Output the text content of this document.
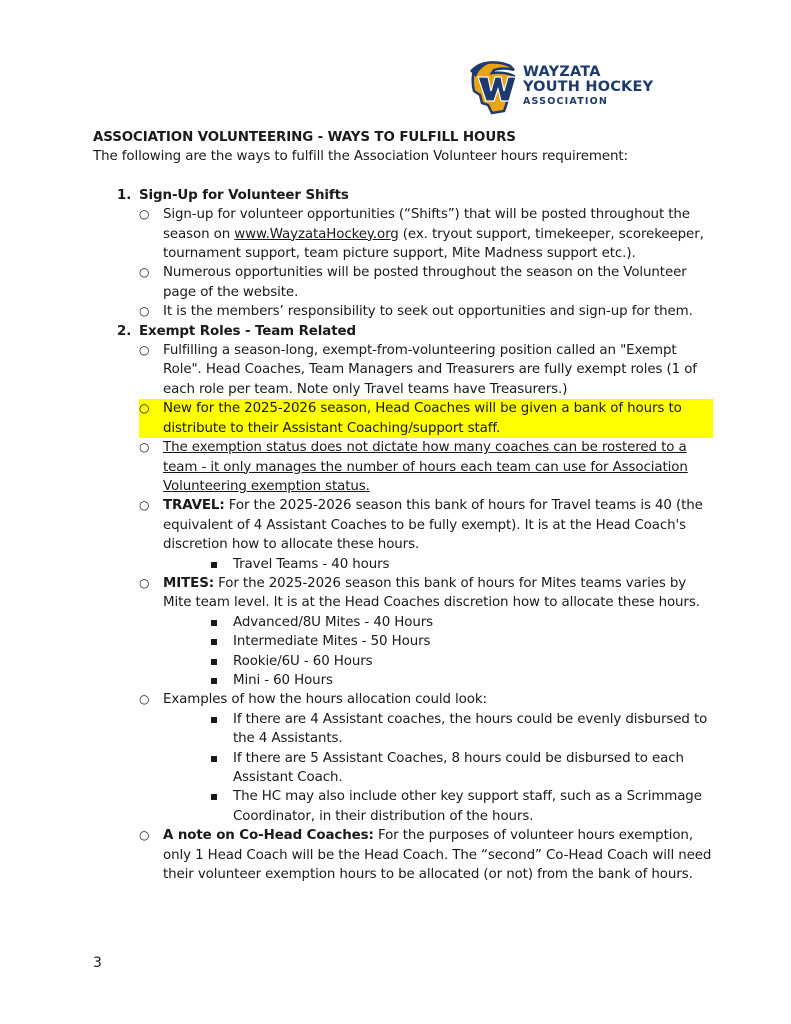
WAYZATA
YOUTH HOCKEY
ASSOCIATION

ASSOCIATION VOLUNTEERING - WAYS TO FULFILL HOURS

The following are the ways to fulfill the Association Volunteer hours requirement:

1. Sign-Up for Volunteer Shifts
○	Sign-up for volunteer opportunities (“Shifts”) that will be posted throughout the season on www.WayzataHockey.org (ex. tryout support, timekeeper, scorekeeper, tournament support, team picture support, Mite Madness support etc.).
○	Numerous opportunities will be posted throughout the season on the Volunteer page of the website.
○	It is the members’ responsibility to seek out opportunities and sign-up for them.
2. Exempt Roles - Team Related
○	Fulfilling a season-long, exempt-from-volunteering position called an "Exempt Role". Head Coaches, Team Managers and Treasurers are fully exempt roles (1 of each role per team. Note only Travel teams have Treasurers.)
○	New for the 2025-2026 season, Head Coaches will be given a bank of hours to distribute to their Assistant Coaching/support staff.
○	The exemption status does not dictate how many coaches can be rostered to a team - it only manages the number of hours each team can use for Association Volunteering exemption status.
○	TRAVEL: For the 2025-2026 season this bank of hours for Travel teams is 40 (the equivalent of 4 Assistant Coaches to be fully exempt). It is at the Head Coach's discretion how to allocate these hours.
Travel Teams - 40 hours
○	MITES: For the 2025-2026 season this bank of hours for Mites teams varies by Mite team level. It is at the Head Coaches discretion how to allocate these hours.
Advanced/8U Mites - 40 Hours
Intermediate Mites - 50 Hours
Rookie/6U - 60 Hours
Mini - 60 Hours
○	Examples of how the hours allocation could look:
If there are 4 Assistant coaches, the hours could be evenly disbursed to the 4 Assistants.
If there are 5 Assistant Coaches, 8 hours could be disbursed to each Assistant Coach.
The HC may also include other key support staff, such as a Scrimmage Coordinator, in their distribution of the hours.
○	A note on Co-Head Coaches: For the purposes of volunteer hours exemption, only 1 Head Coach will be the Head Coach. The “second” Co-Head Coach will need their volunteer exemption hours to be allocated (or not) from the bank of hours.
3
